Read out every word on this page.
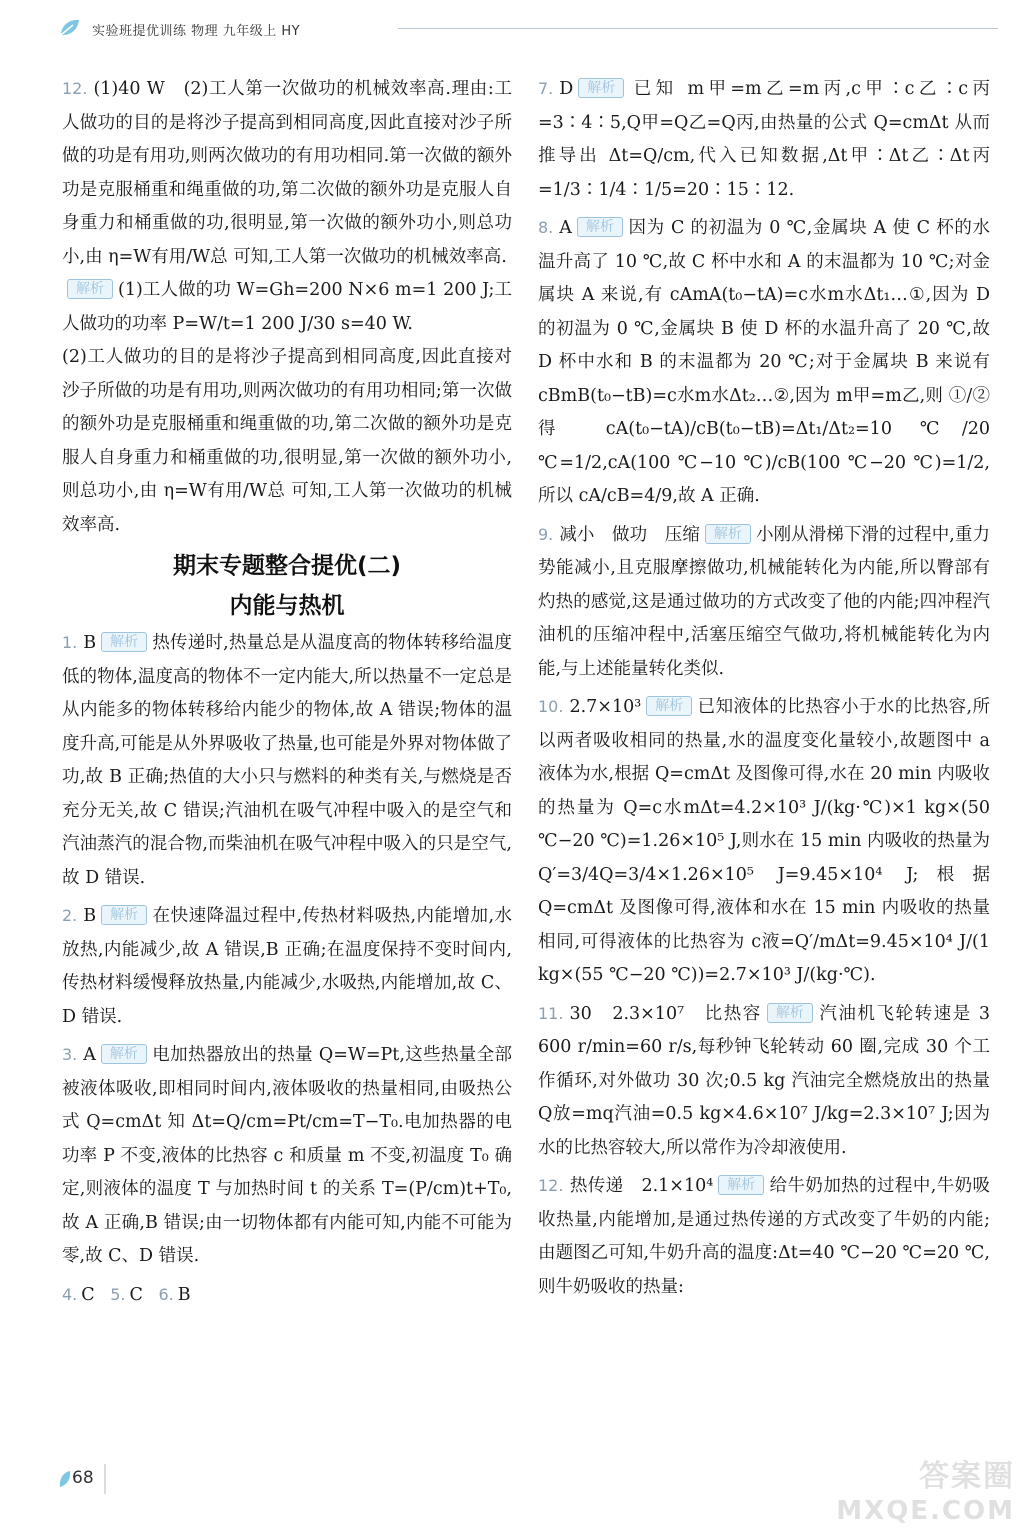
实验班提优训练 物理 九年级上 HY

12. (1)40 W　(2)工人第一次做功的机械效率高.理由:工人做功的目的是将沙子提高到相同高度,因此直接对沙子所做的功是有用功,则两次做功的有用功相同.第一次做的额外功是克服桶重和绳重做的功,第二次做的额外功是克服人自身重力和桶重做的功,很明显,第一次做的额外功小,则总功小,由 η=W有用/W总 可知,工人第一次做功的机械效率高.

解析 (1)工人做的功 W=Gh=200 N×6 m=1 200 J;工人做功的功率 P=W/t=1 200 J/30 s=40 W.

(2)工人做功的目的是将沙子提高到相同高度,因此直接对沙子所做的功是有用功,则两次做功的有用功相同;第一次做的额外功是克服桶重和绳重做的功,第二次做的额外功是克服人自身重力和桶重做的功,很明显,第一次做的额外功小,则总功小,由 η=W有用/W总 可知,工人第一次做功的机械效率高.

期末专题整合提优(二)
内能与热机

1. B 解析 热传递时,热量总是从温度高的物体转移给温度低的物体,温度高的物体不一定内能大,所以热量不一定总是从内能多的物体转移给内能少的物体,故 A 错误;物体的温度升高,可能是从外界吸收了热量,也可能是外界对物体做了功,故 B 正确;热值的大小只与燃料的种类有关,与燃烧是否充分无关,故 C 错误;汽油机在吸气冲程中吸入的是空气和汽油蒸汽的混合物,而柴油机在吸气冲程中吸入的只是空气,故 D 错误.

2. B 解析 在快速降温过程中,传热材料吸热,内能增加,水放热,内能减少,故 A 错误,B 正确;在温度保持不变时间内,传热材料缓慢释放热量,内能减少,水吸热,内能增加,故 C、D 错误.

3. A 解析 电加热器放出的热量 Q=W=Pt,这些热量全部被液体吸收,即相同时间内,液体吸收的热量相同,由吸热公式 Q=cmΔt 知 Δt=Q/cm=Pt/cm=T−T₀.电加热器的电功率 P 不变,液体的比热容 c 和质量 m 不变,初温度 T₀ 确定,则液体的温度 T 与加热时间 t 的关系 T=(P/cm)t+T₀,故 A 正确,B 错误;由一切物体都有内能可知,内能不可能为零,故 C、D 错误.

4. C 5. C 6. B

7. D 解析 已知 m甲=m乙=m丙,c甲∶c乙∶c丙=3∶4∶5,Q甲=Q乙=Q丙,由热量的公式 Q=cmΔt 从而推导出 Δt=Q/cm,代入已知数据,Δt甲∶Δt乙∶Δt丙=1/3∶1/4∶1/5=20∶15∶12.

8. A 解析 因为 C 的初温为 0 ℃,金属块 A 使 C 杯的水温升高了 10 ℃,故 C 杯中水和 A 的末温都为 10 ℃;对金属块 A 来说,有 cAmA(t₀−tA)=c水m水Δt₁…①,因为 D 的初温为 0 ℃,金属块 B 使 D 杯的水温升高了 20 ℃,故 D 杯中水和 B 的末温都为 20 ℃;对于金属块 B 来说有 cBmB(t₀−tB)=c水m水Δt₂…②,因为 m甲=m乙,则 ①/② 得 cA(t₀−tA)/cB(t₀−tB)=Δt₁/Δt₂=10 ℃/20 ℃=1/2,cA(100 ℃−10 ℃)/cB(100 ℃−20 ℃)=1/2,所以 cA/cB=4/9,故 A 正确.

9. 减小　做功　压缩 解析 小刚从滑梯下滑的过程中,重力势能减小,且克服摩擦做功,机械能转化为内能,所以臀部有灼热的感觉,这是通过做功的方式改变了他的内能;四冲程汽油机的压缩冲程中,活塞压缩空气做功,将机械能转化为内能,与上述能量转化类似.

10. 2.7×10³ 解析 已知液体的比热容小于水的比热容,所以两者吸收相同的热量,水的温度变化量较小,故题图中 a 液体为水,根据 Q=cmΔt 及图像可得,水在 20 min 内吸收的热量为 Q=c水mΔt=4.2×10³ J/(kg·℃)×1 kg×(50 ℃−20 ℃)=1.26×10⁵ J,则水在 15 min 内吸收的热量为 Q′=3/4Q=3/4×1.26×10⁵ J=9.45×10⁴ J;根据 Q=cmΔt 及图像可得,液体和水在 15 min 内吸收的热量相同,可得液体的比热容为 c液=Q′/mΔt=9.45×10⁴ J/(1 kg×(55 ℃−20 ℃))=2.7×10³ J/(kg·℃).

11. 30　2.3×10⁷　比热容 解析 汽油机飞轮转速是 3 600 r/min=60 r/s,每秒钟飞轮转动 60 圈,完成 30 个工作循环,对外做功 30 次;0.5 kg 汽油完全燃烧放出的热量 Q放=mq汽油=0.5 kg×4.6×10⁷ J/kg=2.3×10⁷ J;因为水的比热容较大,所以常作为冷却液使用.

12. 热传递　2.1×10⁴ 解析 给牛奶加热的过程中,牛奶吸收热量,内能增加,是通过热传递的方式改变了牛奶的内能;由题图乙可知,牛奶升高的温度:Δt=40 ℃−20 ℃=20 ℃,则牛奶吸收的热量:

68	答案圈
MXQE.COM
